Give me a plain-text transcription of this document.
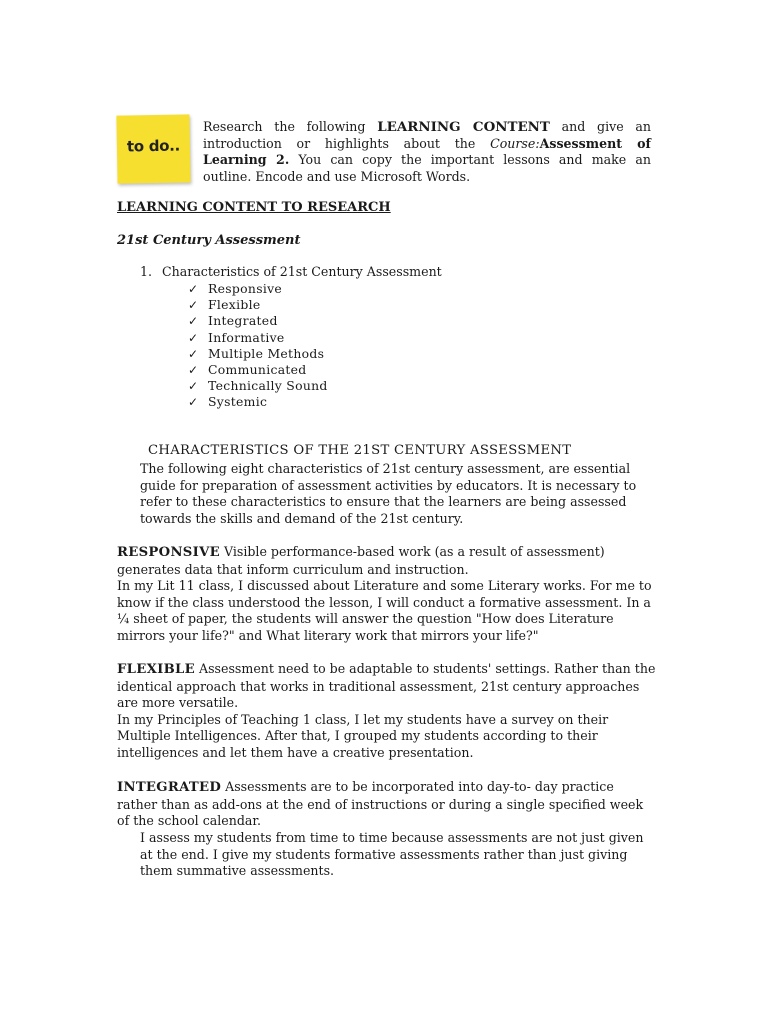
to do..
Research the following LEARNING CONTENT and give an introduction or highlights about the Course:Assessment of Learning 2. You can copy the important lessons and make an outline. Encode and use Microsoft Words.
LEARNING CONTENT TO RESEARCH
21st Century Assessment
1. Characteristics of 21st Century Assessment
✓ Responsive
✓ Flexible
✓ Integrated
✓ Informative
✓ Multiple Methods
✓ Communicated
✓ Technically Sound
✓ Systemic
CHARACTERISTICS OF THE 21ST CENTURY ASSESSMENT
The following eight characteristics of 21st century assessment, are essential guide for preparation of assessment activities by educators. It is necessary to refer to these characteristics to ensure that the learners are being assessed towards the skills and demand of the 21st century.
RESPONSIVE Visible performance-based work (as a result of assessment) generates data that inform curriculum and instruction.
In my Lit 11 class, I discussed about Literature and some Literary works. For me to know if the class understood the lesson, I will conduct a formative assessment. In a ¼ sheet of paper, the students will answer the question "How does Literature mirrors your life?" and What literary work that mirrors your life?"
FLEXIBLE Assessment need to be adaptable to students' settings. Rather than the identical approach that works in traditional assessment, 21st century approaches are more versatile.
In my Principles of Teaching 1 class, I let my students have a survey on their Multiple Intelligences. After that, I grouped my students according to their intelligences and let them have a creative presentation.
INTEGRATED Assessments are to be incorporated into day-to- day practice rather than as add-ons at the end of instructions or during a single specified week of the school calendar.
I assess my students from time to time because assessments are not just given at the end. I give my students formative assessments rather than just giving them summative assessments.
